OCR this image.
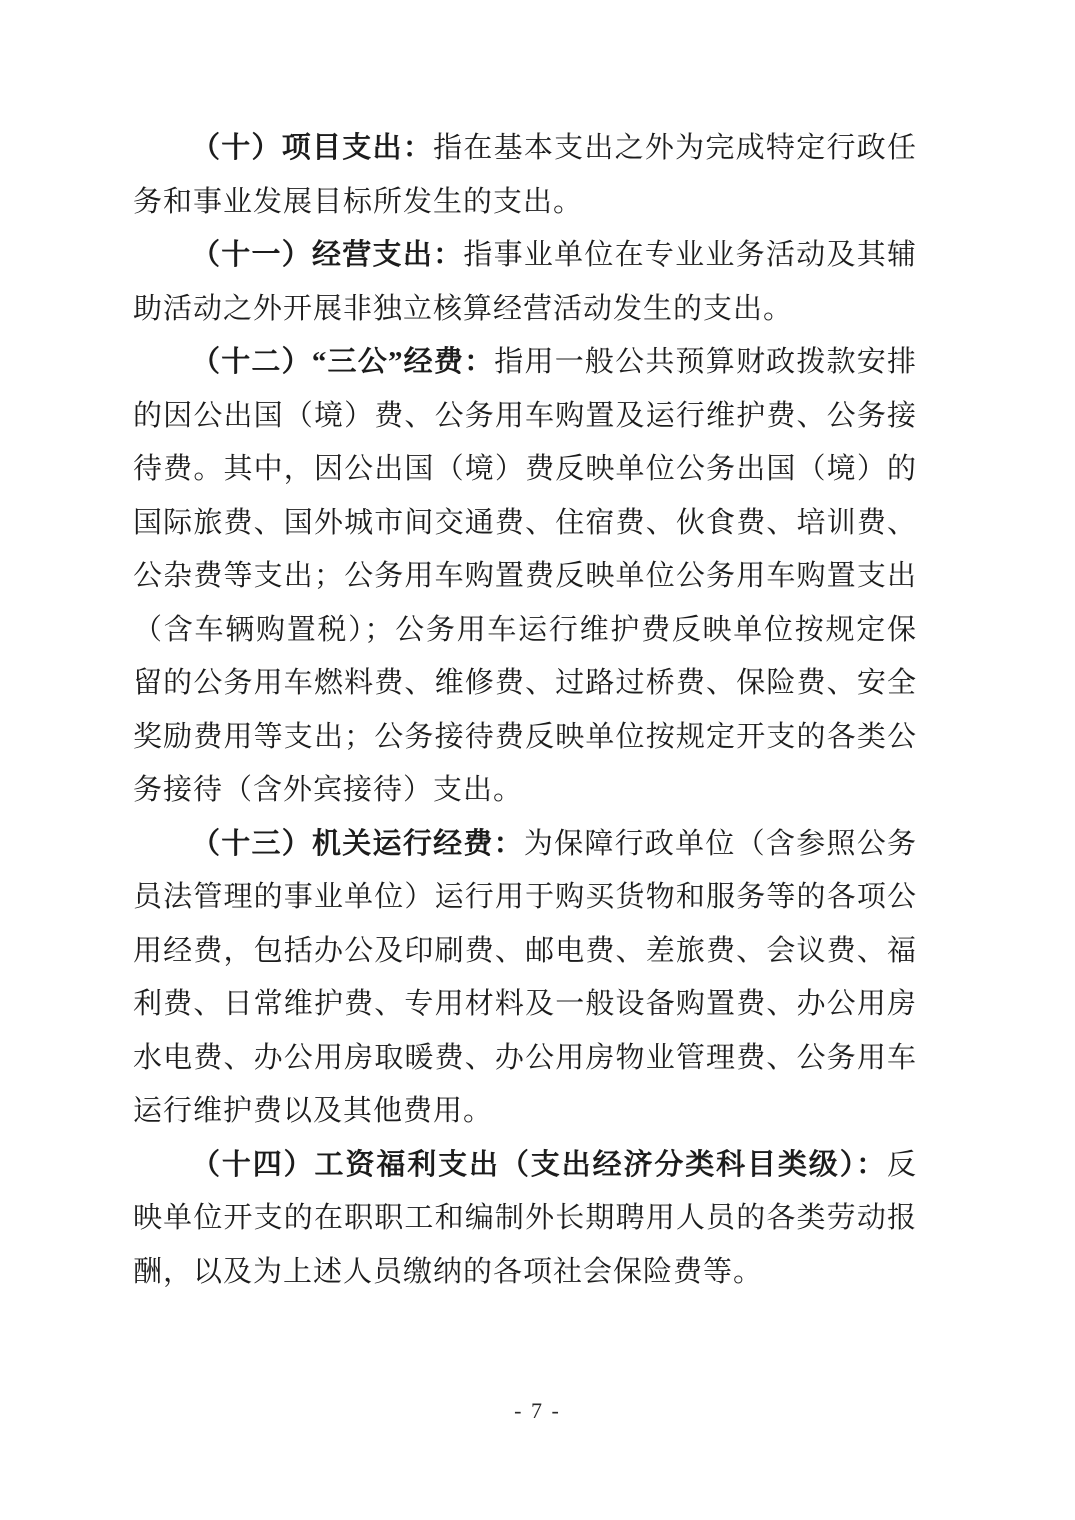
（十）项目支出：指在基本支出之外为完成特定行政任务和事业发展目标所发生的支出。

（十一）经营支出：指事业单位在专业业务活动及其辅助活动之外开展非独立核算经营活动发生的支出。

（十二）“三公”经费：指用一般公共预算财政拨款安排的因公出国（境）费、公务用车购置及运行维护费、公务接待费。其中，因公出国（境）费反映单位公务出国（境）的国际旅费、国外城市间交通费、住宿费、伙食费、培训费、公杂费等支出；公务用车购置费反映单位公务用车购置支出（含车辆购置税）；公务用车运行维护费反映单位按规定保留的公务用车燃料费、维修费、过路过桥费、保险费、安全奖励费用等支出；公务接待费反映单位按规定开支的各类公务接待（含外宾接待）支出。

（十三）机关运行经费：为保障行政单位（含参照公务员法管理的事业单位）运行用于购买货物和服务等的各项公用经费，包括办公及印刷费、邮电费、差旅费、会议费、福利费、日常维护费、专用材料及一般设备购置费、办公用房水电费、办公用房取暖费、办公用房物业管理费、公务用车运行维护费以及其他费用。

（十四）工资福利支出（支出经济分类科目类级）：反映单位开支的在职职工和编制外长期聘用人员的各类劳动报酬，以及为上述人员缴纳的各项社会保险费等。

- 7 -
